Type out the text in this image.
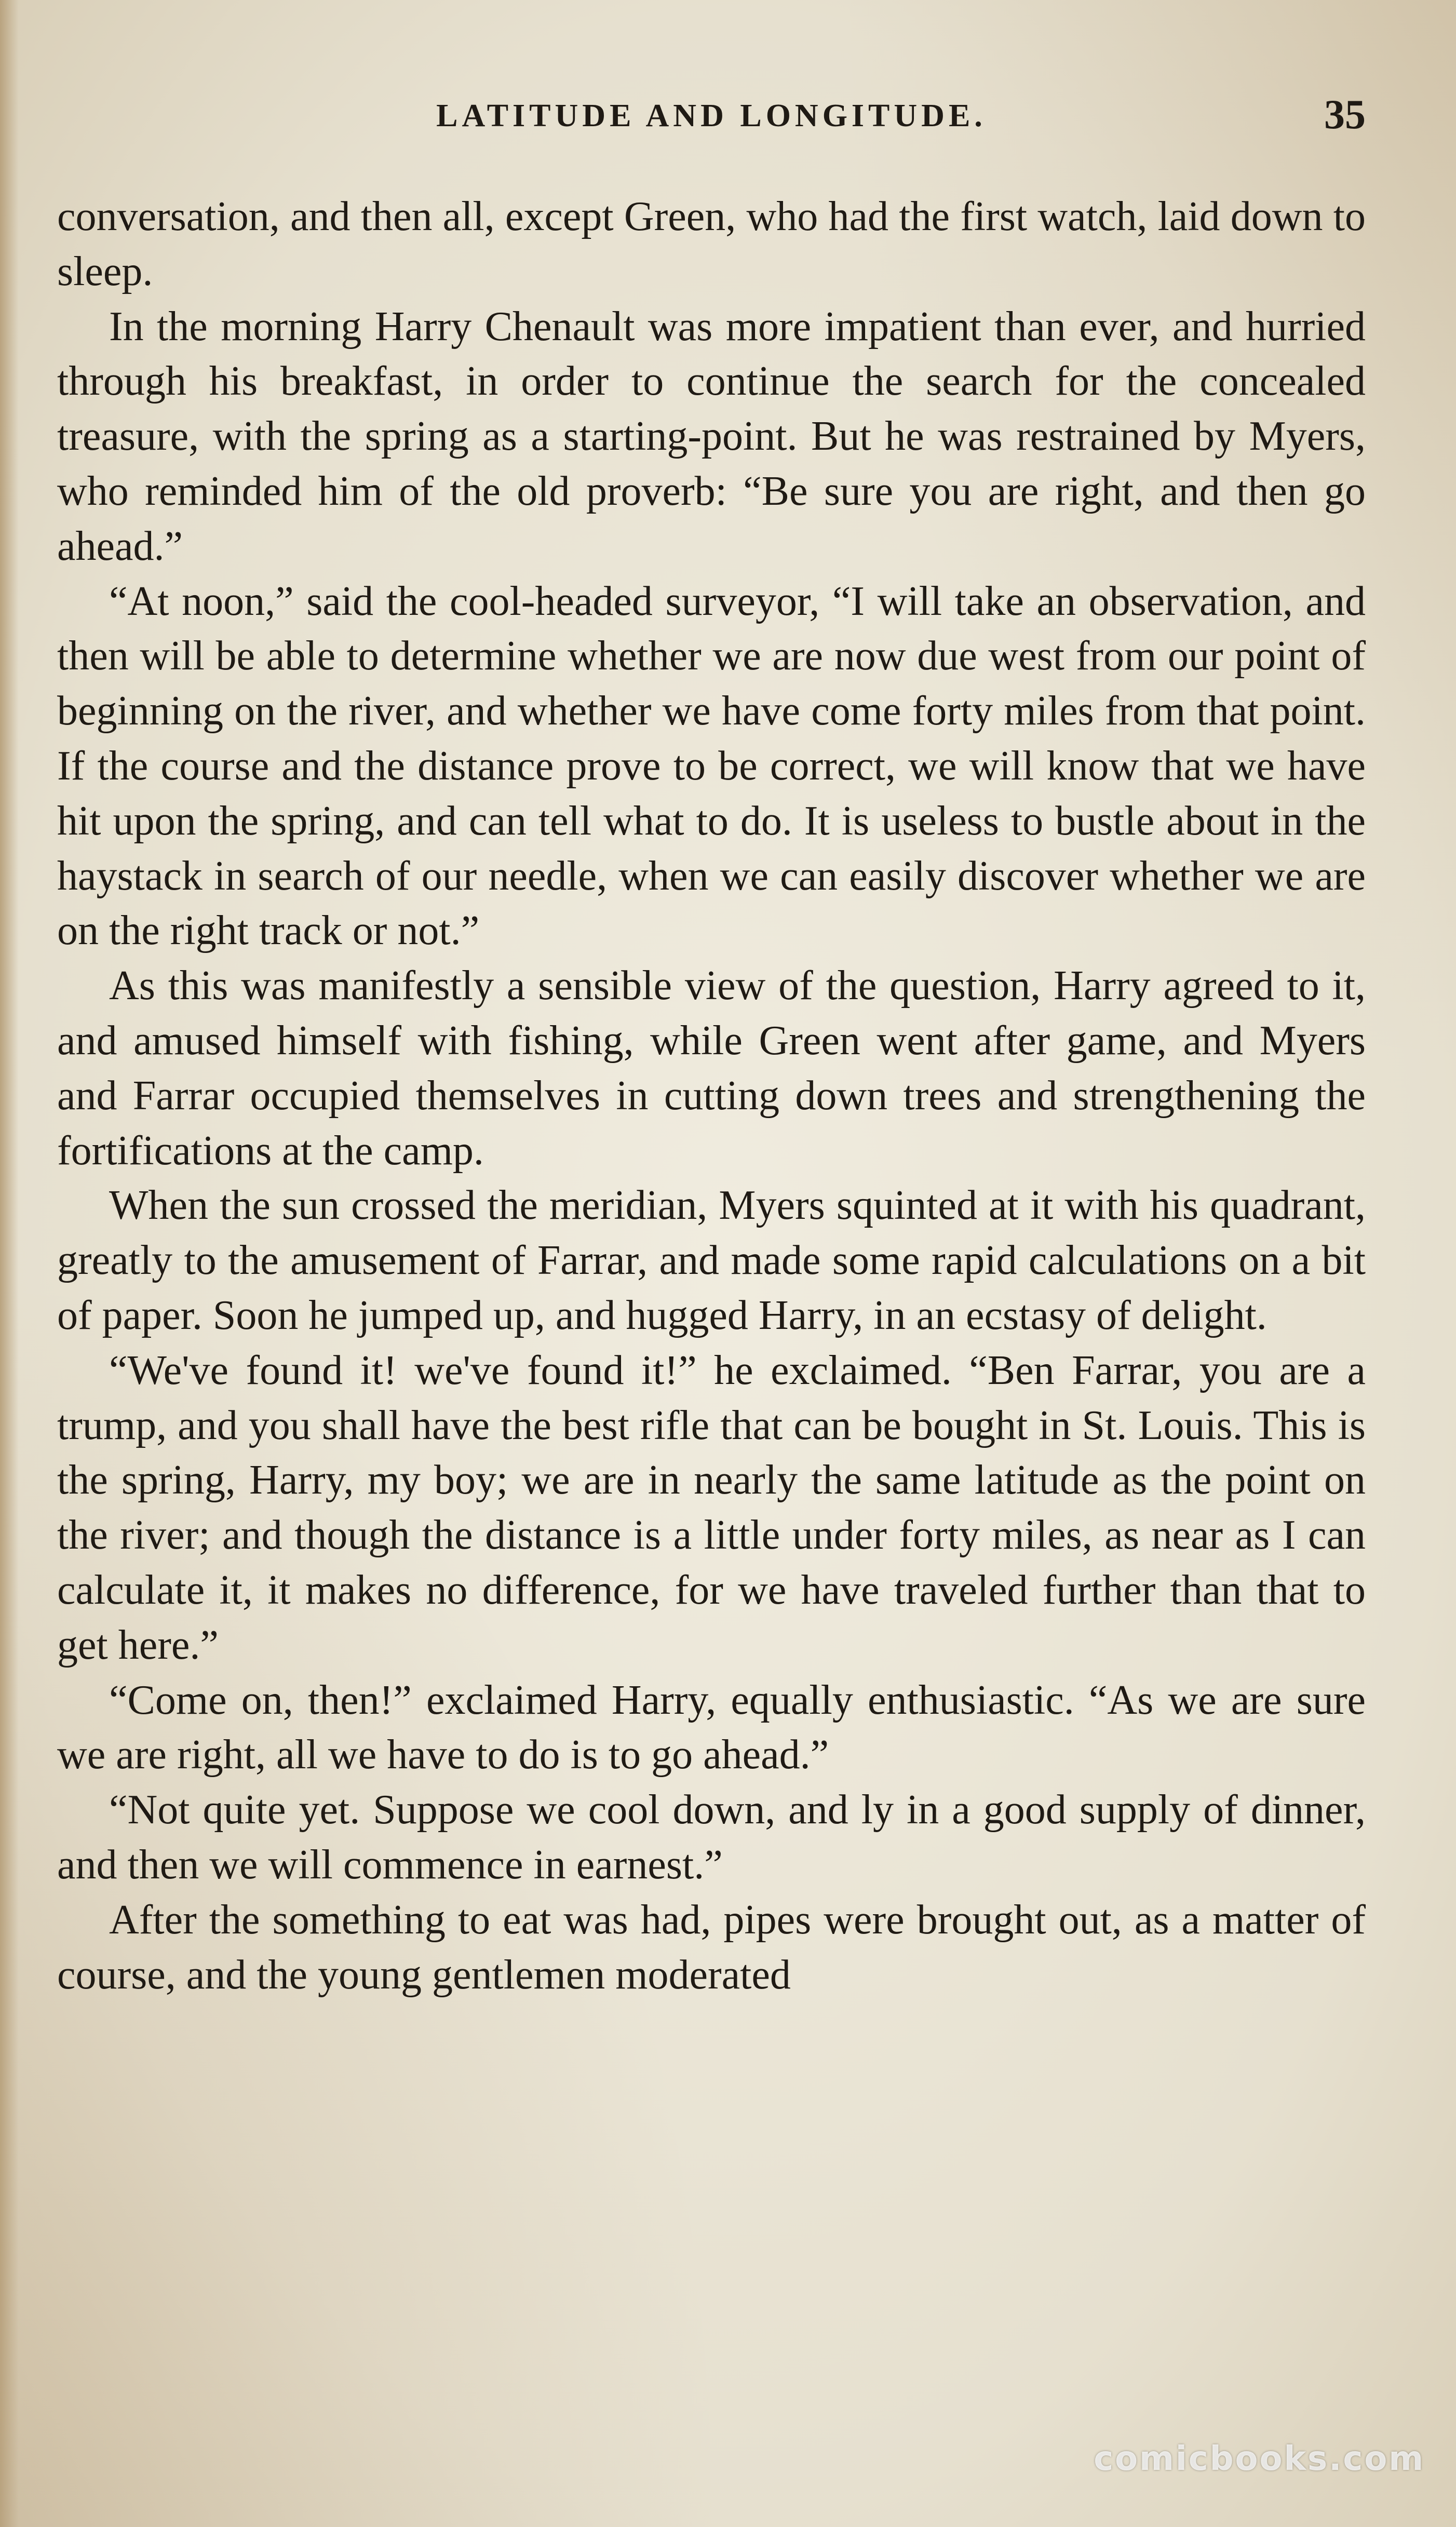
LATITUDE AND LONGITUDE.	35

conversation, and then all, except Green, who had the first watch, laid down to sleep.

In the morning Harry Chenault was more impatient than ever, and hurried through his breakfast, in order to continue the search for the concealed treasure, with the spring as a starting-point. But he was restrained by Myers, who reminded him of the old proverb: “Be sure you are right, and then go ahead.”

“At noon,” said the cool-headed surveyor, “I will take an observation, and then will be able to determine whether we are now due west from our point of beginning on the river, and whether we have come forty miles from that point. If the course and the distance prove to be correct, we will know that we have hit upon the spring, and can tell what to do. It is useless to bustle about in the haystack in search of our needle, when we can easily discover whether we are on the right track or not.”

As this was manifestly a sensible view of the question, Harry agreed to it, and amused himself with fishing, while Green went after game, and Myers and Farrar occupied themselves in cutting down trees and strengthening the fortifications at the camp.

When the sun crossed the meridian, Myers squinted at it with his quadrant, greatly to the amusement of Farrar, and made some rapid calculations on a bit of paper. Soon he jumped up, and hugged Harry, in an ecstasy of delight.

“We've found it! we've found it!” he exclaimed. “Ben Farrar, you are a trump, and you shall have the best rifle that can be bought in St. Louis. This is the spring, Harry, my boy; we are in nearly the same latitude as the point on the river; and though the distance is a little under forty miles, as near as I can calculate it, it makes no difference, for we have traveled further than that to get here.”

“Come on, then!” exclaimed Harry, equally enthusiastic. “As we are sure we are right, all we have to do is to go ahead.”

“Not quite yet. Suppose we cool down, and ly in a good supply of dinner, and then we will commence in earnest.”

After the something to eat was had, pipes were brought out, as a matter of course, and the young gentlemen moderated

comicbooks.com
